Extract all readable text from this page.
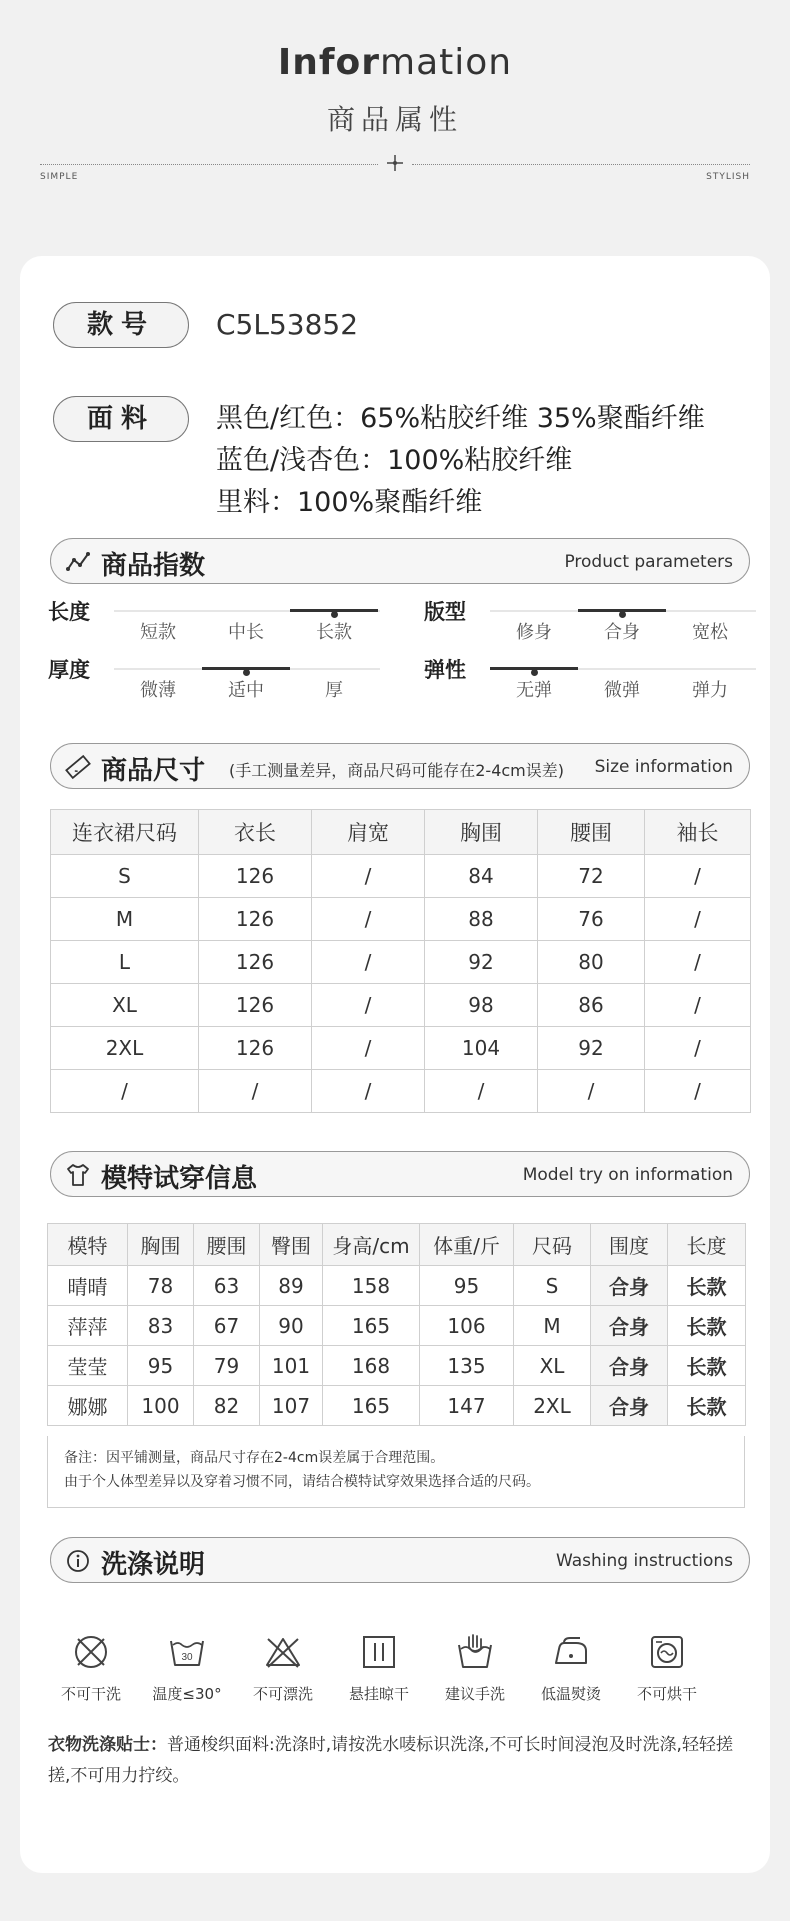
Information
商品属性
SIMPLE	STYLISH
款号	C5L53852
面料	黑色/红色：65%粘胶纤维 35%聚酯纤维
蓝色/浅杏色：100%粘胶纤维
里料：100%聚酯纤维
商品指数	Product parameters
长度
短款	中长	长款
版型
修身	合身	宽松
厚度
微薄	适中	厚
弹性
无弹	微弹	弹力
商品尺寸 (手工测量差异，商品尺码可能存在2-4cm误差) Size information
连衣裙尺码	衣长	肩宽	胸围	腰围	袖长
S	126	/	84	72	/
M	126	/	88	76	/
L	126	/	92	80	/
XL	126	/	98	86	/
2XL	126	/	104	92	/
/	/	/	/	/	/
模特试穿信息	Model try on information
模特	胸围	腰围	臀围	身高/cm	体重/斤	尺码	围度	长度
晴晴	78	63	89	158	95	S	合身	长款
萍萍	83	67	90	165	106	M	合身	长款
莹莹	95	79	101	168	135	XL	合身	长款
娜娜	100	82	107	165	147	2XL	合身	长款
备注：因平铺测量，商品尺寸存在2-4cm误差属于合理范围。
由于个人体型差异以及穿着习惯不同，请结合模特试穿效果选择合适的尺码。
洗涤说明	Washing instructions
不可干洗
30
温度≤30°	不可漂洗	悬挂晾干	建议手洗	低温熨烫	不可烘干
衣物洗涤贴士：普通梭织面料:洗涤时,请按洗水唛标识洗涤,不可长时间浸泡及时洗涤,轻轻搓搓,不可用力拧绞。
